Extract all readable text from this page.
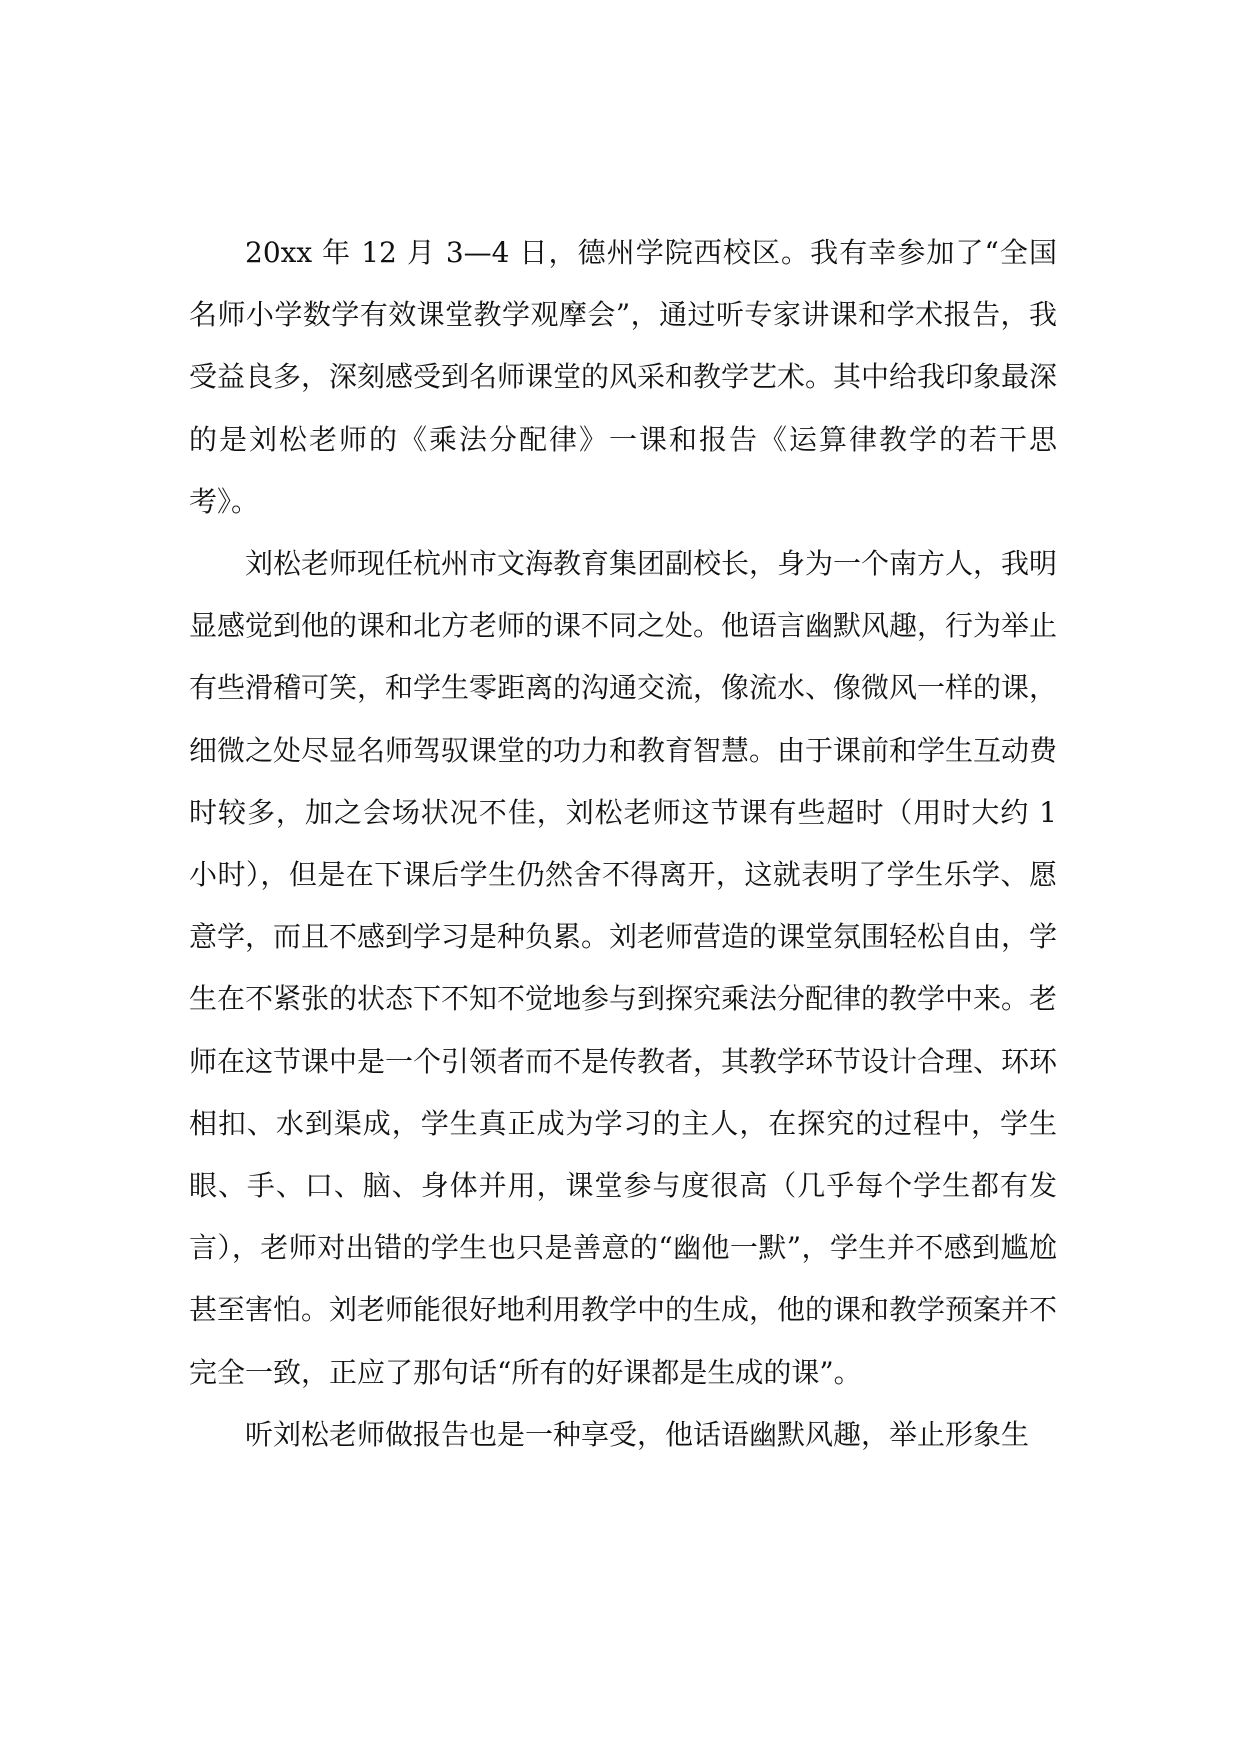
20xx 年 12 月 3—4 日，德州学院西校区。我有幸参加了“全国名师小学数学有效课堂教学观摩会”，通过听专家讲课和学术报告，我受益良多，深刻感受到名师课堂的风采和教学艺术。其中给我印象最深的是刘松老师的《乘法分配律》一课和报告《运算律教学的若干思考》。

刘松老师现任杭州市文海教育集团副校长，身为一个南方人，我明显感觉到他的课和北方老师的课不同之处。他语言幽默风趣，行为举止有些滑稽可笑，和学生零距离的沟通交流，像流水、像微风一样的课，细微之处尽显名师驾驭课堂的功力和教育智慧。由于课前和学生互动费时较多，加之会场状况不佳，刘松老师这节课有些超时（用时大约 1 小时），但是在下课后学生仍然舍不得离开，这就表明了学生乐学、愿意学，而且不感到学习是种负累。刘老师营造的课堂氛围轻松自由，学生在不紧张的状态下不知不觉地参与到探究乘法分配律的教学中来。老师在这节课中是一个引领者而不是传教者，其教学环节设计合理、环环相扣、水到渠成，学生真正成为学习的主人，在探究的过程中，学生眼、手、口、脑、身体并用，课堂参与度很高（几乎每个学生都有发言），老师对出错的学生也只是善意的“幽他一默”，学生并不感到尴尬甚至害怕。刘老师能很好地利用教学中的生成，他的课和教学预案并不完全一致，正应了那句话“所有的好课都是生成的课”。

听刘松老师做报告也是一种享受，他话语幽默风趣，举止形象生
